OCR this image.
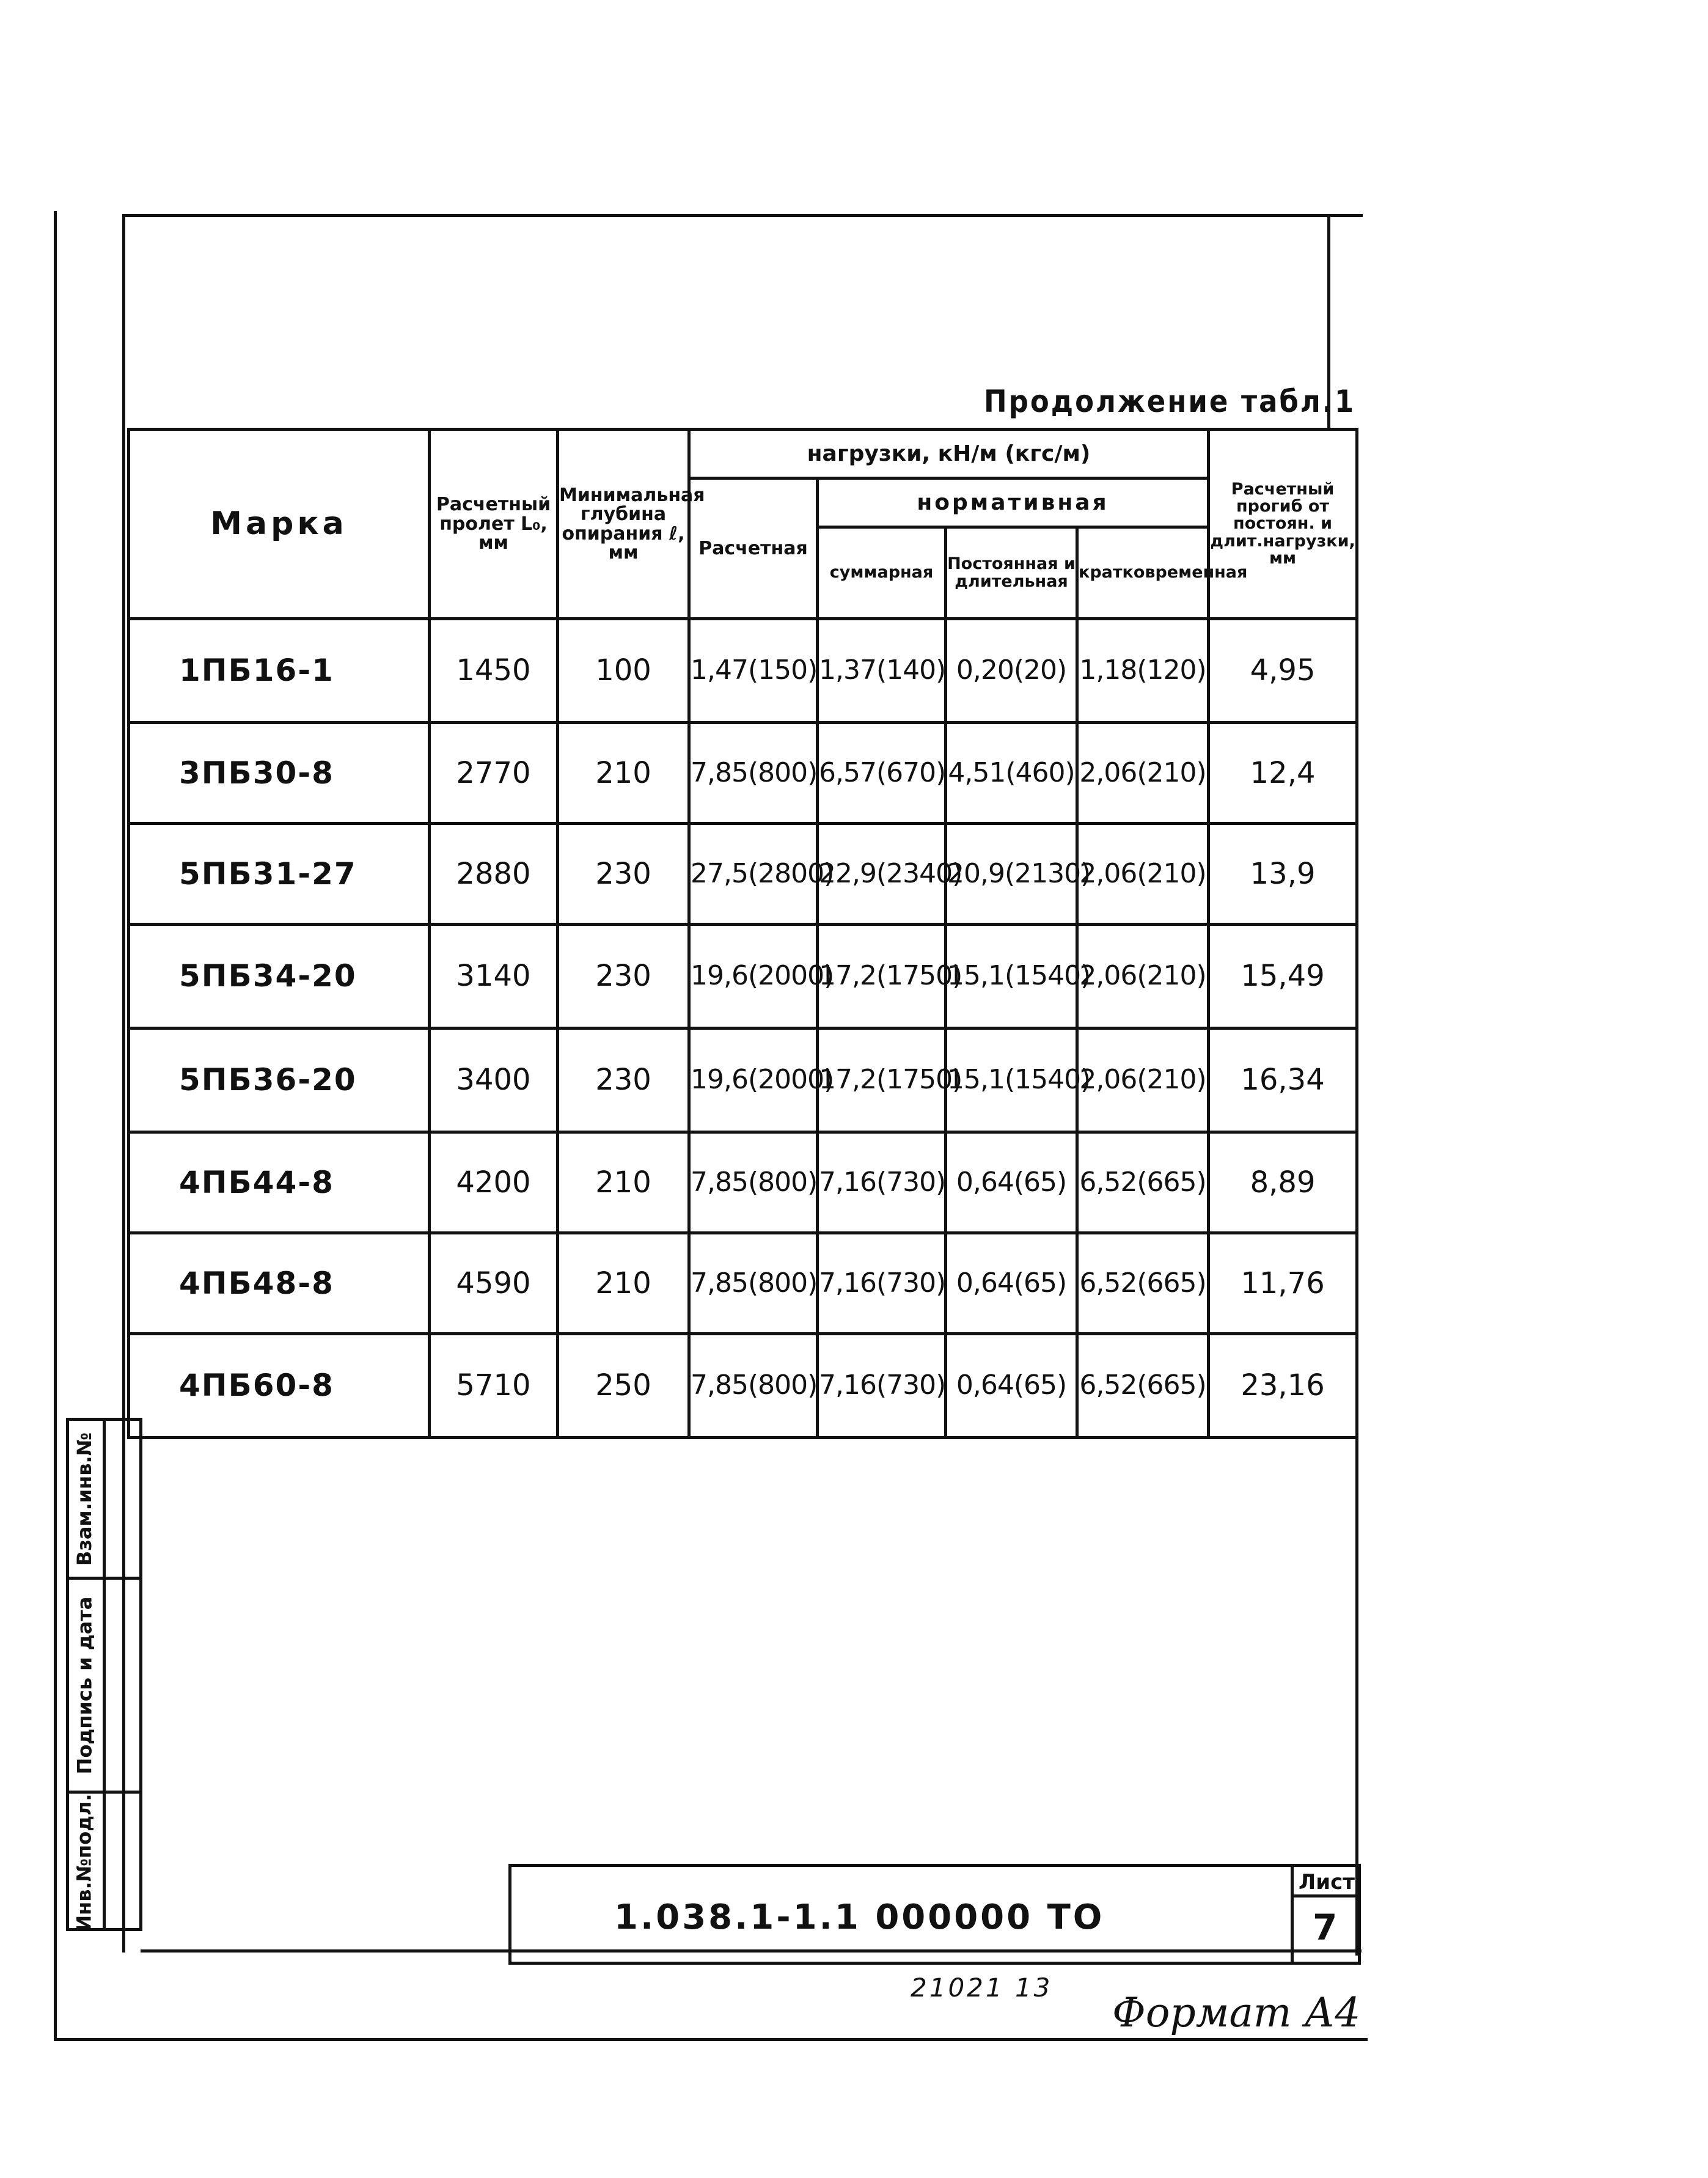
Продолжение табл.1
Марка	Расчетный пролет L₀, мм	Минимальная глубина опирания ℓ, мм	нагрузки, кН/м (кгс/м)				Расчетный прогиб от постоян. и длит.нагрузки, мм
			Расчетная	нормативная			
				суммарная	Постоянная и длительная	кратковременная	
1ПБ16-1	1450	100	1,47(150)	1,37(140)	0,20(20)	1,18(120)	4,95
3ПБ30-8	2770	210	7,85(800)	6,57(670)	4,51(460)	2,06(210)	12,4
5ПБ31-27	2880	230	27,5(2800)	22,9(2340)	20,9(2130)	2,06(210)	13,9
5ПБ34-20	3140	230	19,6(2000)	17,2(1750)	15,1(1540)	2,06(210)	15,49
5ПБ36-20	3400	230	19,6(2000)	17,2(1750)	15,1(1540)	2,06(210)	16,34
4ПБ44-8	4200	210	7,85(800)	7,16(730)	0,64(65)	6,52(665)	8,89
4ПБ48-8	4590	210	7,85(800)	7,16(730)	0,64(65)	6,52(665)	11,76
4ПБ60-8	5710	250	7,85(800)	7,16(730)	0,64(65)	6,52(665)	23,16
Взам.инв.№
Подпись и дата
Инв.№подл.	1.038.1-1.1 000000 ТО
Лист
7
21021 13
Формат А4
